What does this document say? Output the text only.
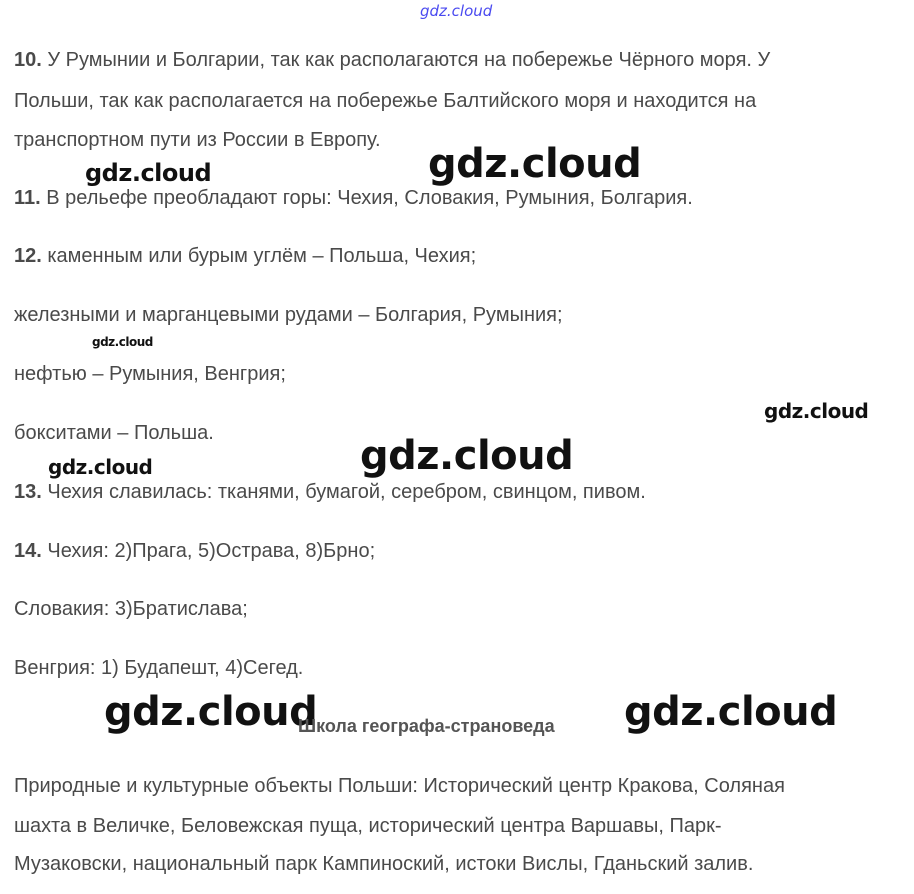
gdz.cloud
10. У Румынии и Болгарии, так как располагаются на побережье Чёрного моря. У
Польши, так как располагается на побережье Балтийского моря и находится на
транспортном пути из России в Европу.
gdz.cloud	gdz.cloud
11. В рельефе преобладают горы: Чехия, Словакия, Румыния, Болгария.
12. каменным или бурым углём – Польша, Чехия;
железными и марганцевыми рудами – Болгария, Румыния;
gdz.cloud
нефтью – Румыния, Венгрия;
gdz.cloud
бокситами – Польша.	gdz.cloud
gdz.cloud
13. Чехия славилась: тканями, бумагой, серебром, свинцом, пивом.
14. Чехия: 2)Прага, 5)Острава, 8)Брно;
Словакия: 3)Братислава;
Венгрия: 1) Будапешт, 4)Сегед.
gdz.cloud
Школа географа-страноведа gdz.cloud
Природные и культурные объекты Польши: Исторический центр Кракова, Соляная
шахта в Величке, Беловежская пуща, исторический центра Варшавы, Парк-
Музаковски, национальный парк Кампиноский, истоки Вислы, Гданьский залив.
